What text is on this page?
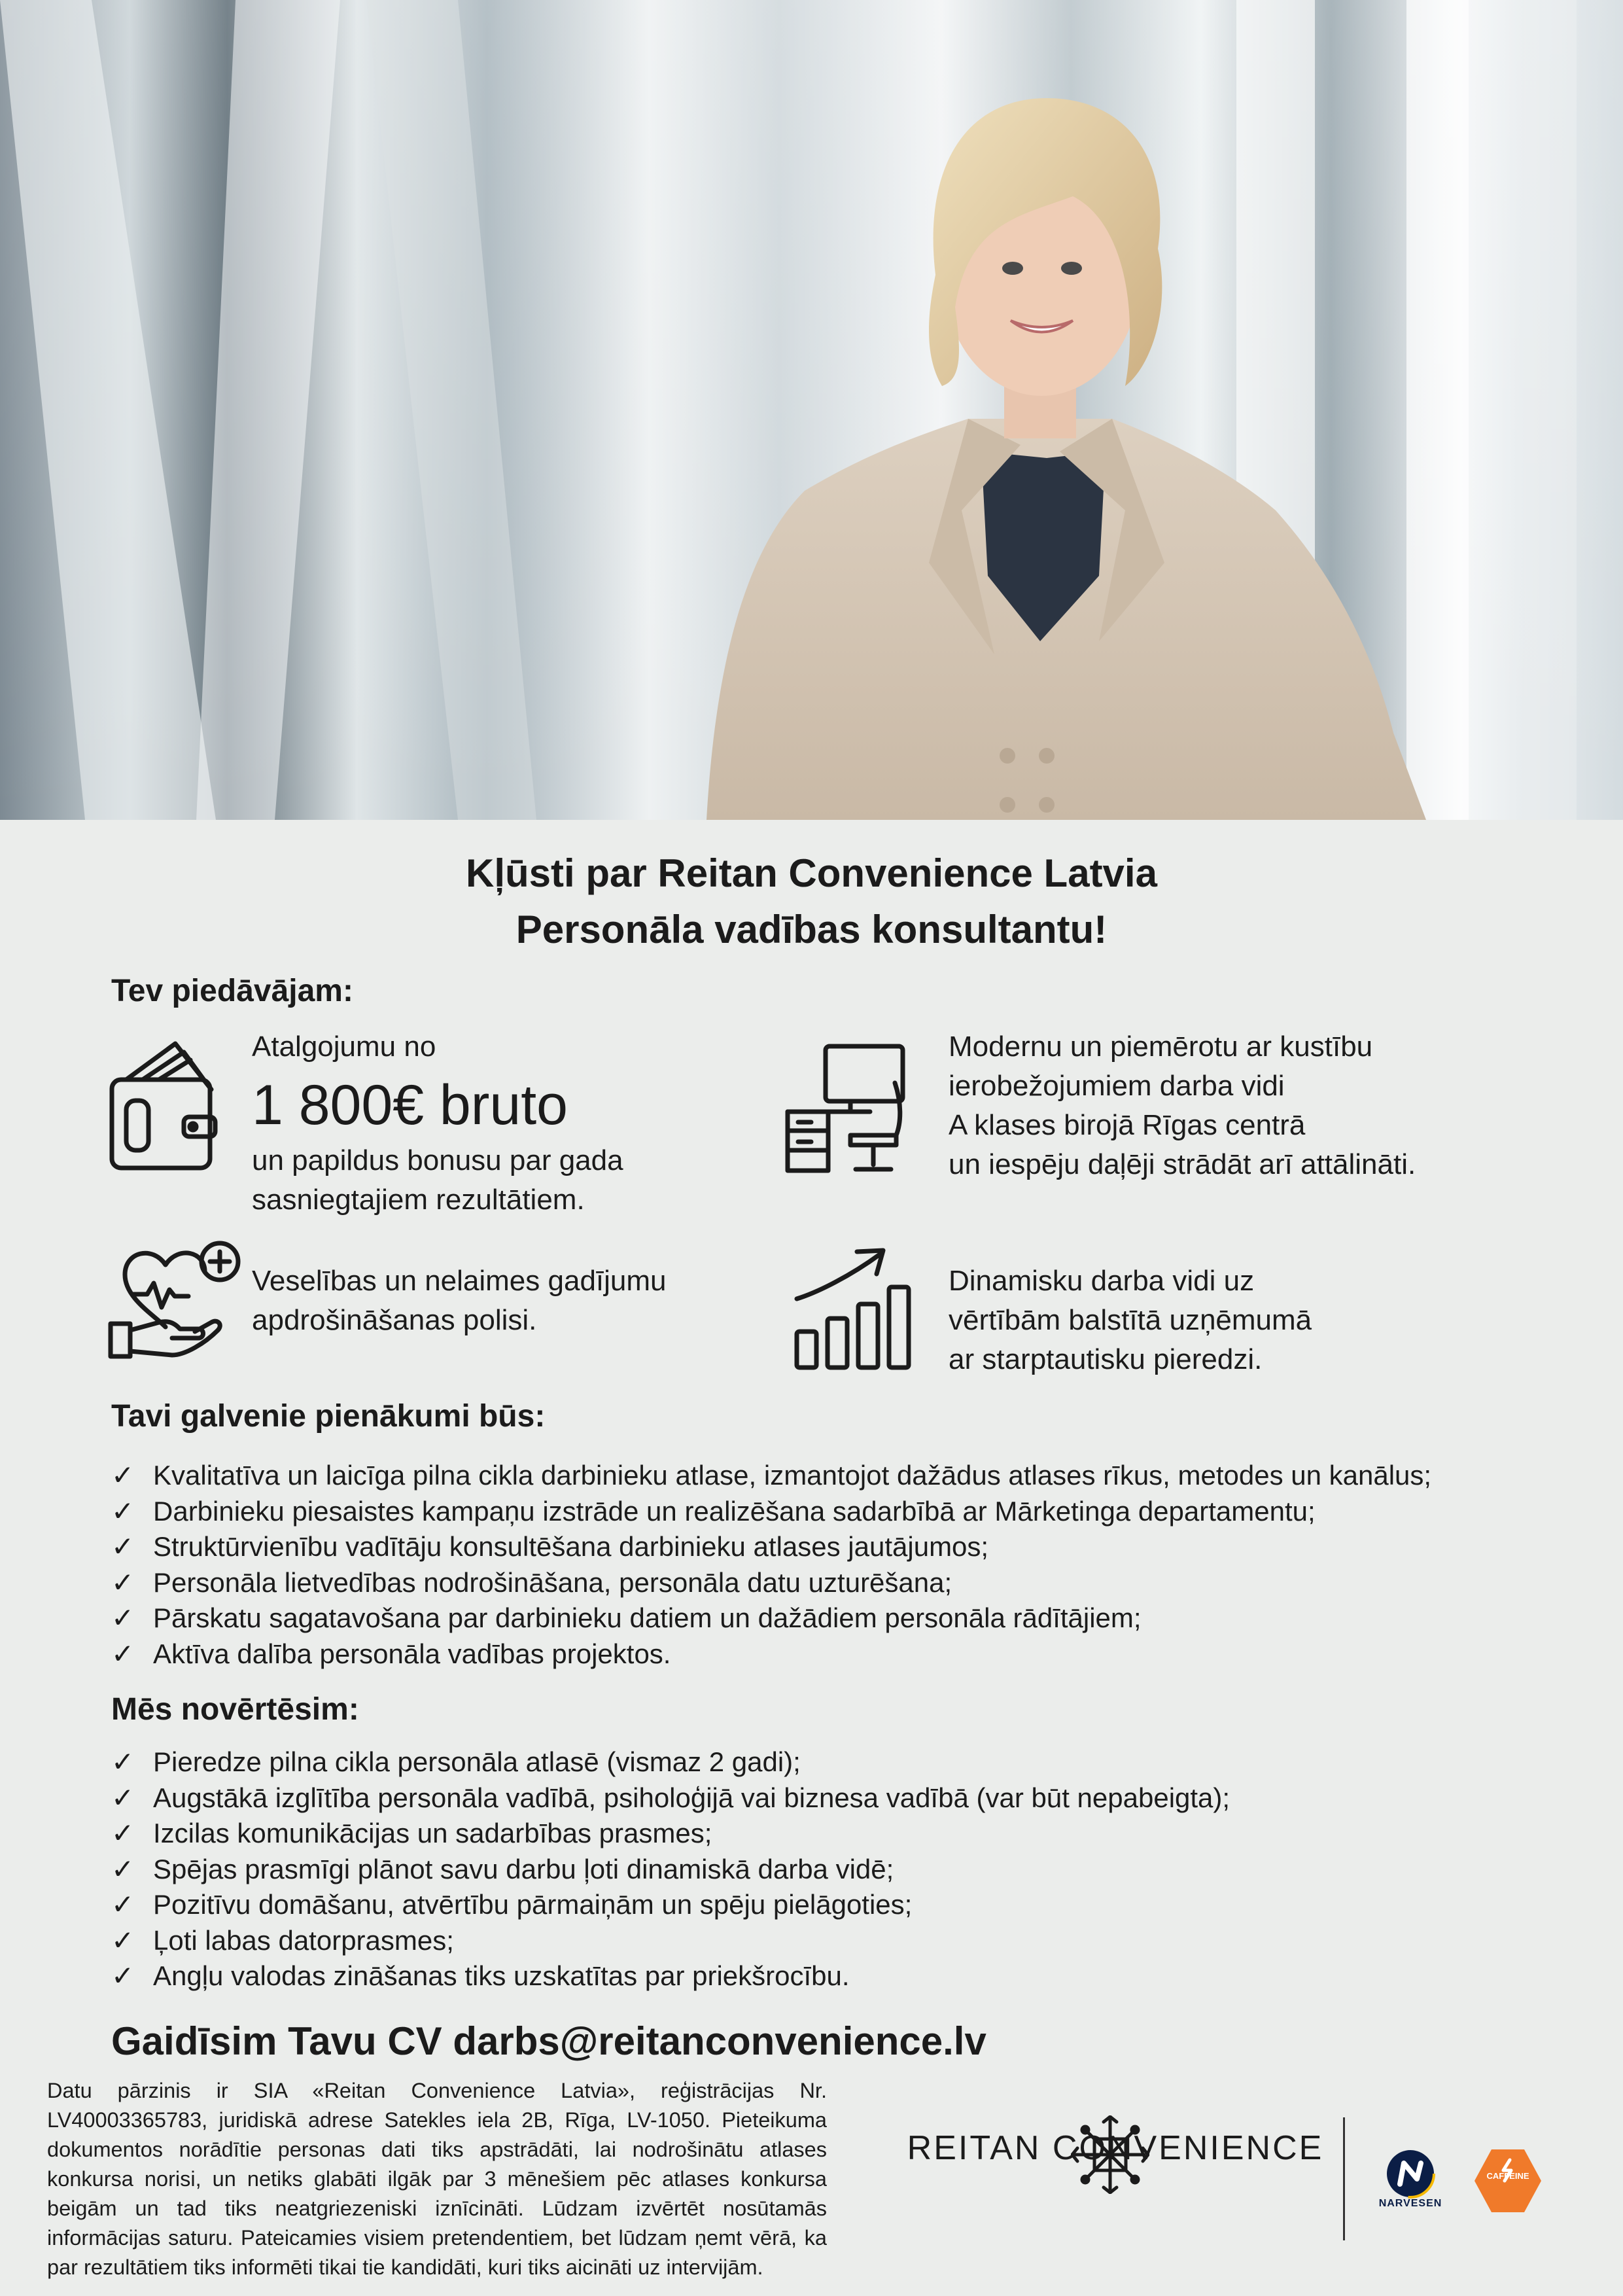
Kļūsti par Reitan Convenience Latvia
Personāla vadības konsultantu!
Tev piedāvājam:
Atalgojumu no
1 800€ bruto
un papildus bonusu par gada
sasniegtajiem rezultātiem.
Modernu un piemērotu ar kustību
ierobežojumiem darba vidi
A klases birojā Rīgas centrā
un iespēju daļēji strādāt arī attālināti.
Veselības un nelaimes gadījumu
apdrošināšanas polisi.
Dinamisku darba vidi uz
vērtībām balstītā uzņēmumā
ar starptautisku pieredzi.
Tavi galvenie pienākumi būs:
✓ Kvalitatīva un laicīga pilna cikla darbinieku atlase, izmantojot dažādus atlases rīkus, metodes un kanālus;
✓ Darbinieku piesaistes kampaņu izstrāde un realizēšana sadarbībā ar Mārketinga departamentu;
✓ Struktūrvienību vadītāju konsultēšana darbinieku atlases jautājumos;
✓ Personāla lietvedības nodrošināšana, personāla datu uzturēšana;
✓ Pārskatu sagatavošana par darbinieku datiem un dažādiem personāla rādītājiem;
✓ Aktīva dalība personāla vadības projektos.
Mēs novērtēsim:
✓ Pieredze pilna cikla personāla atlasē (vismaz 2 gadi);
✓ Augstākā izglītība personāla vadībā, psiholoģijā vai biznesa vadībā (var būt nepabeigta);
✓ Izcilas komunikācijas un sadarbības prasmes;
✓ Spējas prasmīgi plānot savu darbu ļoti dinamiskā darba vidē;
✓ Pozitīvu domāšanu, atvērtību pārmaiņām un spēju pielāgoties;
✓ Ļoti labas datorprasmes;
✓ Angļu valodas zināšanas tiks uzskatītas par priekšrocību.
Gaidīsim Tavu CV darbs@reitanconvenience.lv
Datu pārzinis ir SIA «Reitan Convenience Latvia», reģistrācijas Nr. LV40003365783, juridiskā adrese Satekles iela 2B, Rīga, LV-1050. Pieteikuma dokumentos norādītie personas dati tiks apstrādāti, lai nodrošinātu atlases konkursa norisi, un netiks glabāti ilgāk par 3 mēnešiem pēc atlases konkursa beigām un tad tiks neatgriezeniski iznīcināti. Lūdzam izvērtēt nosūtamās informācijas saturu. Pateicamies visiem pretendentiem, bet lūdzam ņemt vērā, ka par rezultātiem tiks informēti tikai tie kandidāti, kuri tiks aicināti uz intervijām.
REITAN CONVENIENCE
NARVESEN
CAFFEINE
